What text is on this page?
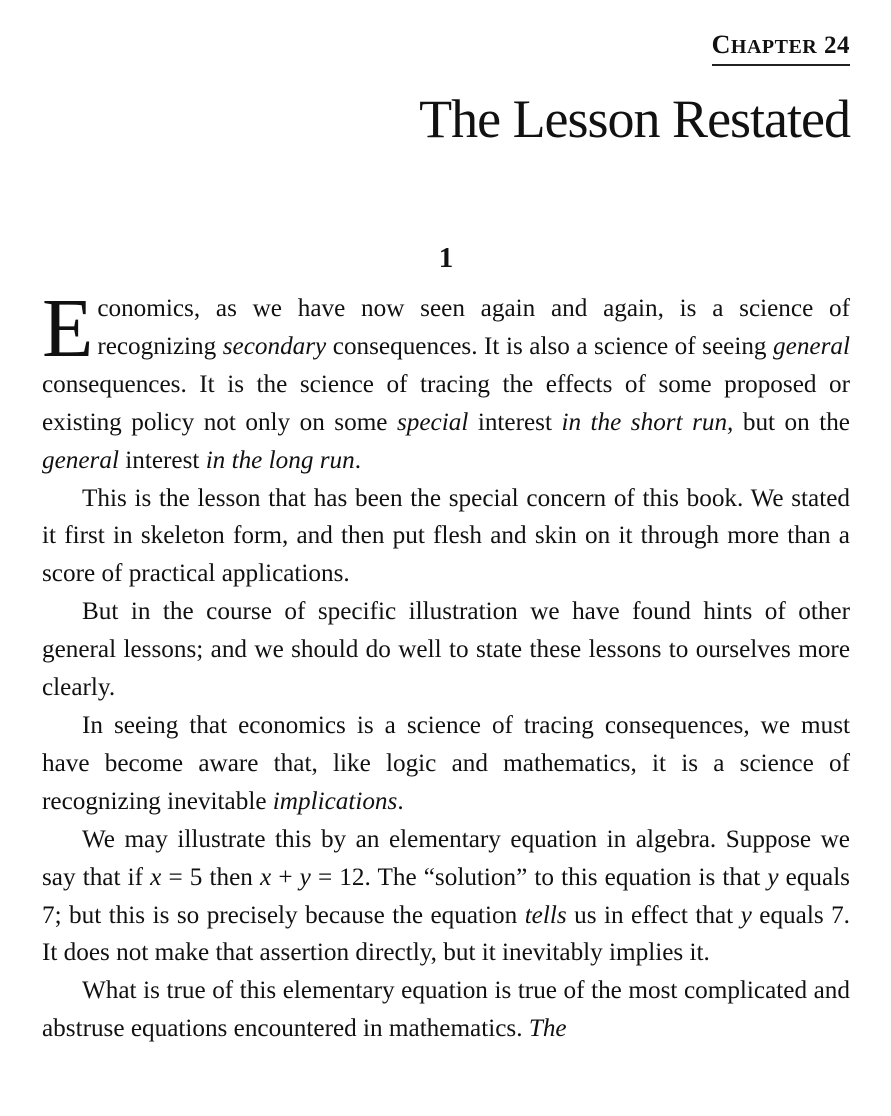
CHAPTER 24
The Lesson Restated
1

Economics, as we have now seen again and again, is a science of recognizing secondary consequences. It is also a science of seeing general consequences. It is the science of tracing the effects of some proposed or existing policy not only on some special interest in the short run, but on the general interest in the long run.

This is the lesson that has been the special concern of this book. We stated it first in skeleton form, and then put flesh and skin on it through more than a score of practical applications.

But in the course of specific illustration we have found hints of other general lessons; and we should do well to state these lessons to ourselves more clearly.

In seeing that economics is a science of tracing consequences, we must have become aware that, like logic and mathematics, it is a science of recognizing inevitable implications.

We may illustrate this by an elementary equation in algebra. Suppose we say that if x = 5 then x + y = 12. The “solution” to this equation is that y equals 7; but this is so precisely because the equation tells us in effect that y equals 7. It does not make that assertion directly, but it inevitably implies it.

What is true of this elementary equation is true of the most complicated and abstruse equations encountered in mathematics. The
